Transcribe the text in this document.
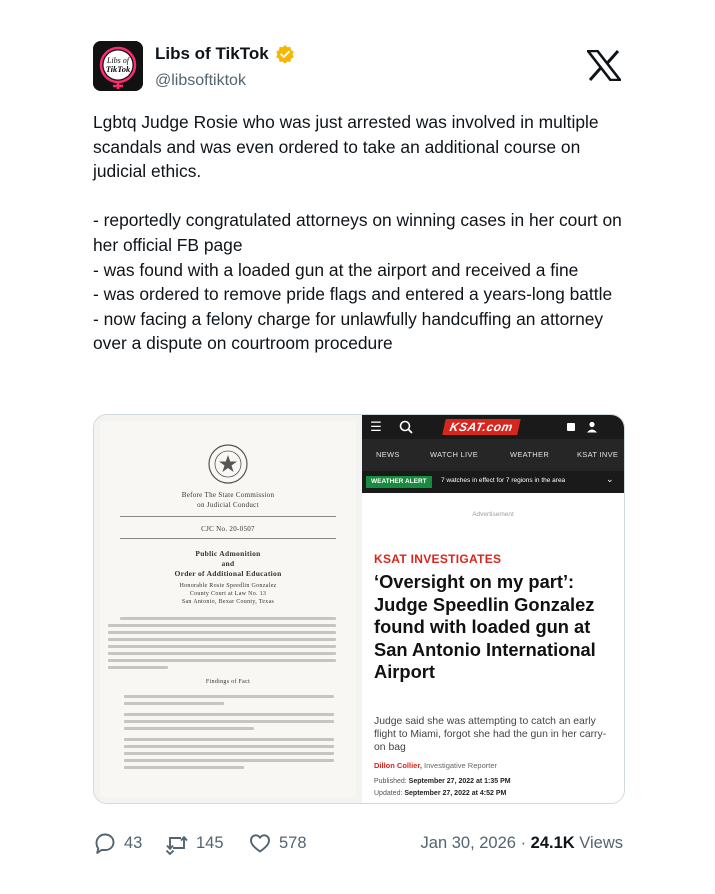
Libs of
TikTok
Libs of TikTok
@libsoftiktok

Lgbtq Judge Rosie who was just arrested was involved in multiple scandals and was even ordered to take an additional course on judicial ethics.

- reportedly congratulated attorneys on winning cases in her court on her official FB page

- was found with a loaded gun at the airport and received a fine

- was ordered to remove pride flags and entered a years-long battle

- now facing a felony charge for unlawfully handcuffing an attorney over a dispute on courtroom procedure

Before The State Commission
on Judicial Conduct
CJC No. 20-0507
Public Admonition
and
Order of Additional Education
Honorable Rosie Speedlin Gonzalez
County Court at Law No. 13
San Antonio, Bexar County, Texas
Findings of Fact
☰	KSAT.com
NEWS	WATCH LIVE	WEATHER	KSAT INVE
WEATHER ALERT	7 watches in effect for 7 regions in the area	⌄
Advertisement
KSAT INVESTIGATES
‘Oversight on my part’: Judge Speedlin Gonzalez found with loaded gun at San Antonio International Airport
Judge said she was attempting to catch an early flight to Miami, forgot she had the gun in her carry-on bag
Dillon Collier, Investigative Reporter
Published: September 27, 2022 at 1:35 PM
Updated: September 27, 2022 at 4:52 PM
43	145	578	Jan 30, 2026 · 24.1K Views
